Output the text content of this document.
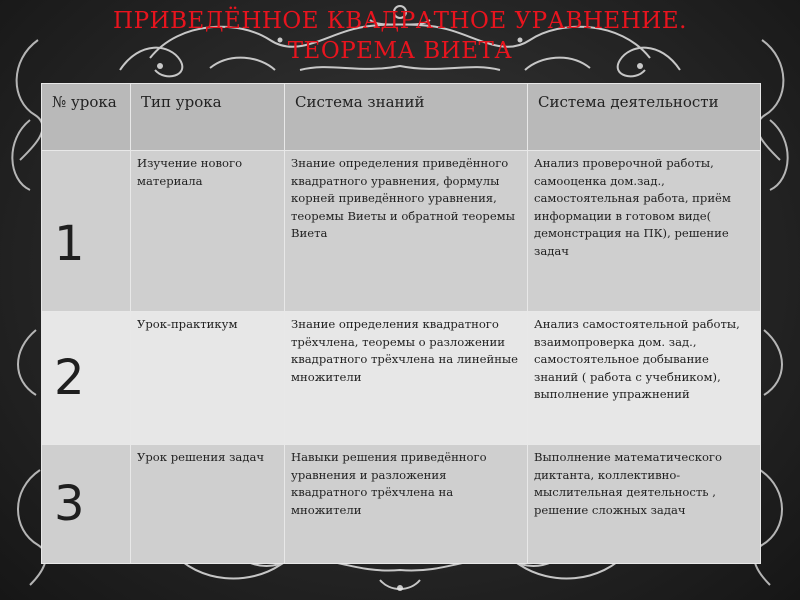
ПРИВЕДЁННОЕ КВАДРАТНОЕ УРАВНЕНИЕ.
ТЕОРЕМА ВИЕТА
№ урока	Тип урока	Система знаний	Система деятельности
1	Изучение нового материала	Знание определения приведённого квадратного уравнения, формулы корней приведённого уравнения, теоремы Виеты и обратной теоремы Виета	Анализ проверочной работы, самооценка дом.зад., самостоятельная работа, приём информации в готовом виде( демонстрация на ПК), решение задач
2	Урок-практикум	Знание определения квадратного трёхчлена, теоремы о разложении квадратного трёхчлена на линейные множители	Анализ самостоятельной работы, взаимопроверка дом. зад., самостоятельное добывание знаний ( работа с учебником), выполнение упражнений
3	Урок решения задач	Навыки решения приведённого уравнения и разложения квадратного трёхчлена на множители	Выполнение математического диктанта, коллективно-мыслительная деятельность , решение сложных задач
